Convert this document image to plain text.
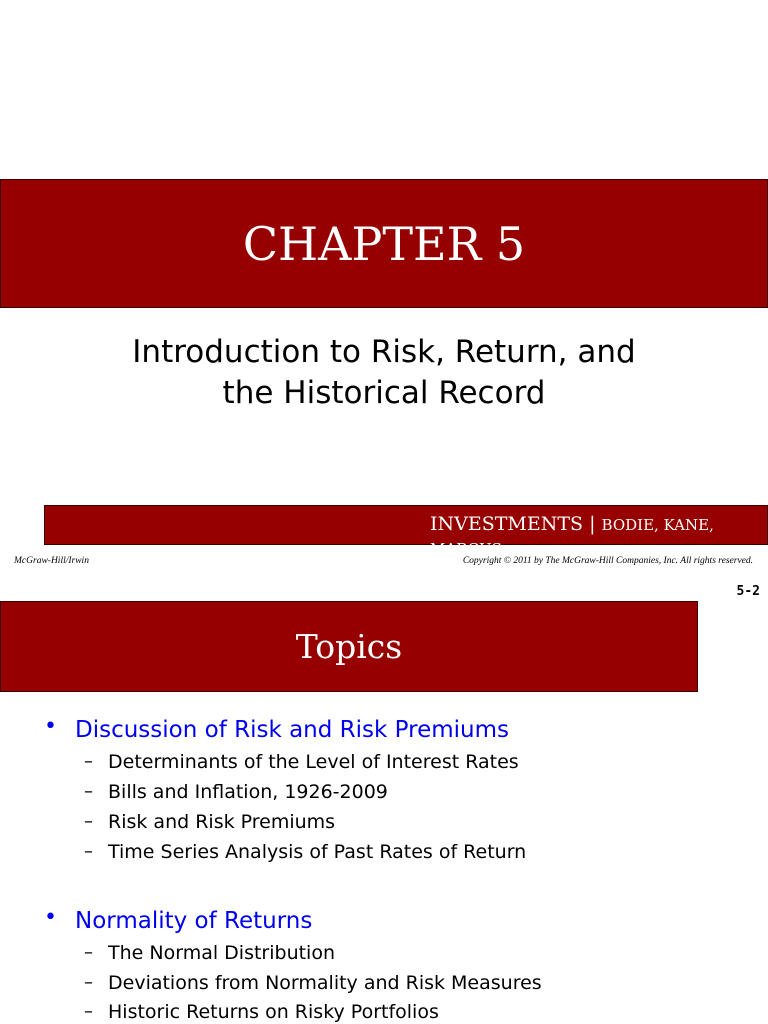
CHAPTER 5
Introduction to Risk, Return, and
the Historical Record
INVESTMENTS | BODIE, KANE, MARCUS
McGraw-Hill/Irwin	Copyright © 2011 by The McGraw-Hill Companies, Inc. All rights reserved.
5-2
Topics
• Discussion of Risk and Risk Premiums
– Determinants of the Level of Interest Rates
– Bills and Inflation, 1926-2009
– Risk and Risk Premiums
– Time Series Analysis of Past Rates of Return
• Normality of Returns
– The Normal Distribution
– Deviations from Normality and Risk Measures
– Historic Returns on Risky Portfolios
